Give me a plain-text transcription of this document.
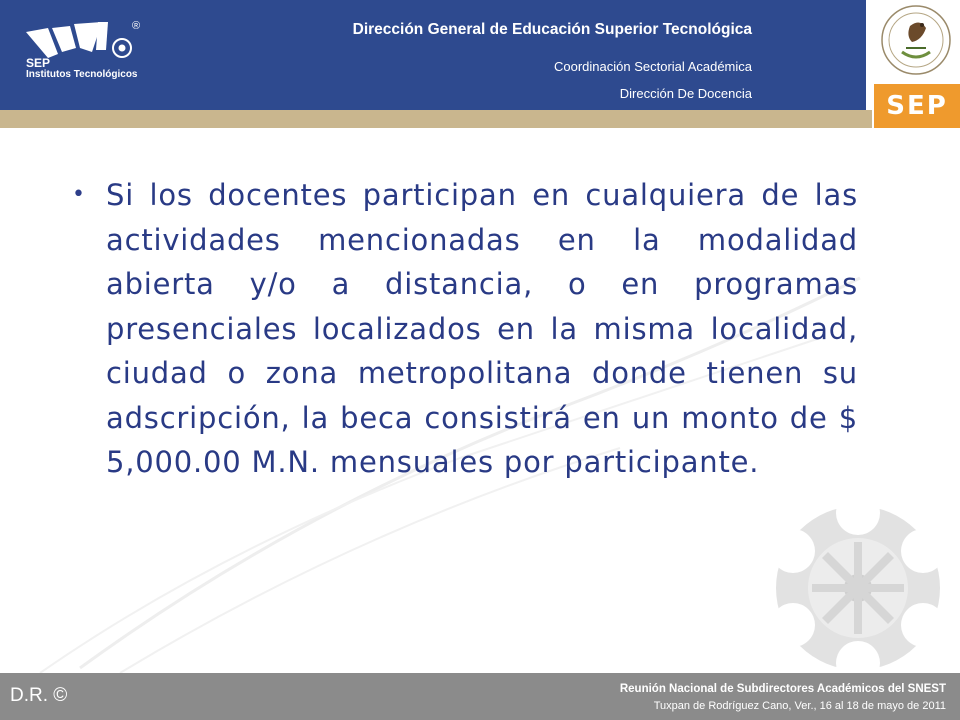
SEP
Institutos Tecnológicos
®	Dirección General de Educación Superior Tecnológica
Coordinación Sectorial Académica
Dirección De Docencia	SEP
• Si los docentes participan en cualquiera de las actividades mencionadas en la modalidad abierta y/o a distancia, o en programas presenciales localizados en la misma localidad, ciudad o zona metropolitana donde tienen su adscripción, la beca consistirá en un monto de $ 5,000.00 M.N. mensuales por participante.
D.R. ©	Reunión Nacional de Subdirectores Académicos del SNEST
Tuxpan de Rodríguez Cano, Ver., 16 al 18 de mayo de 2011
